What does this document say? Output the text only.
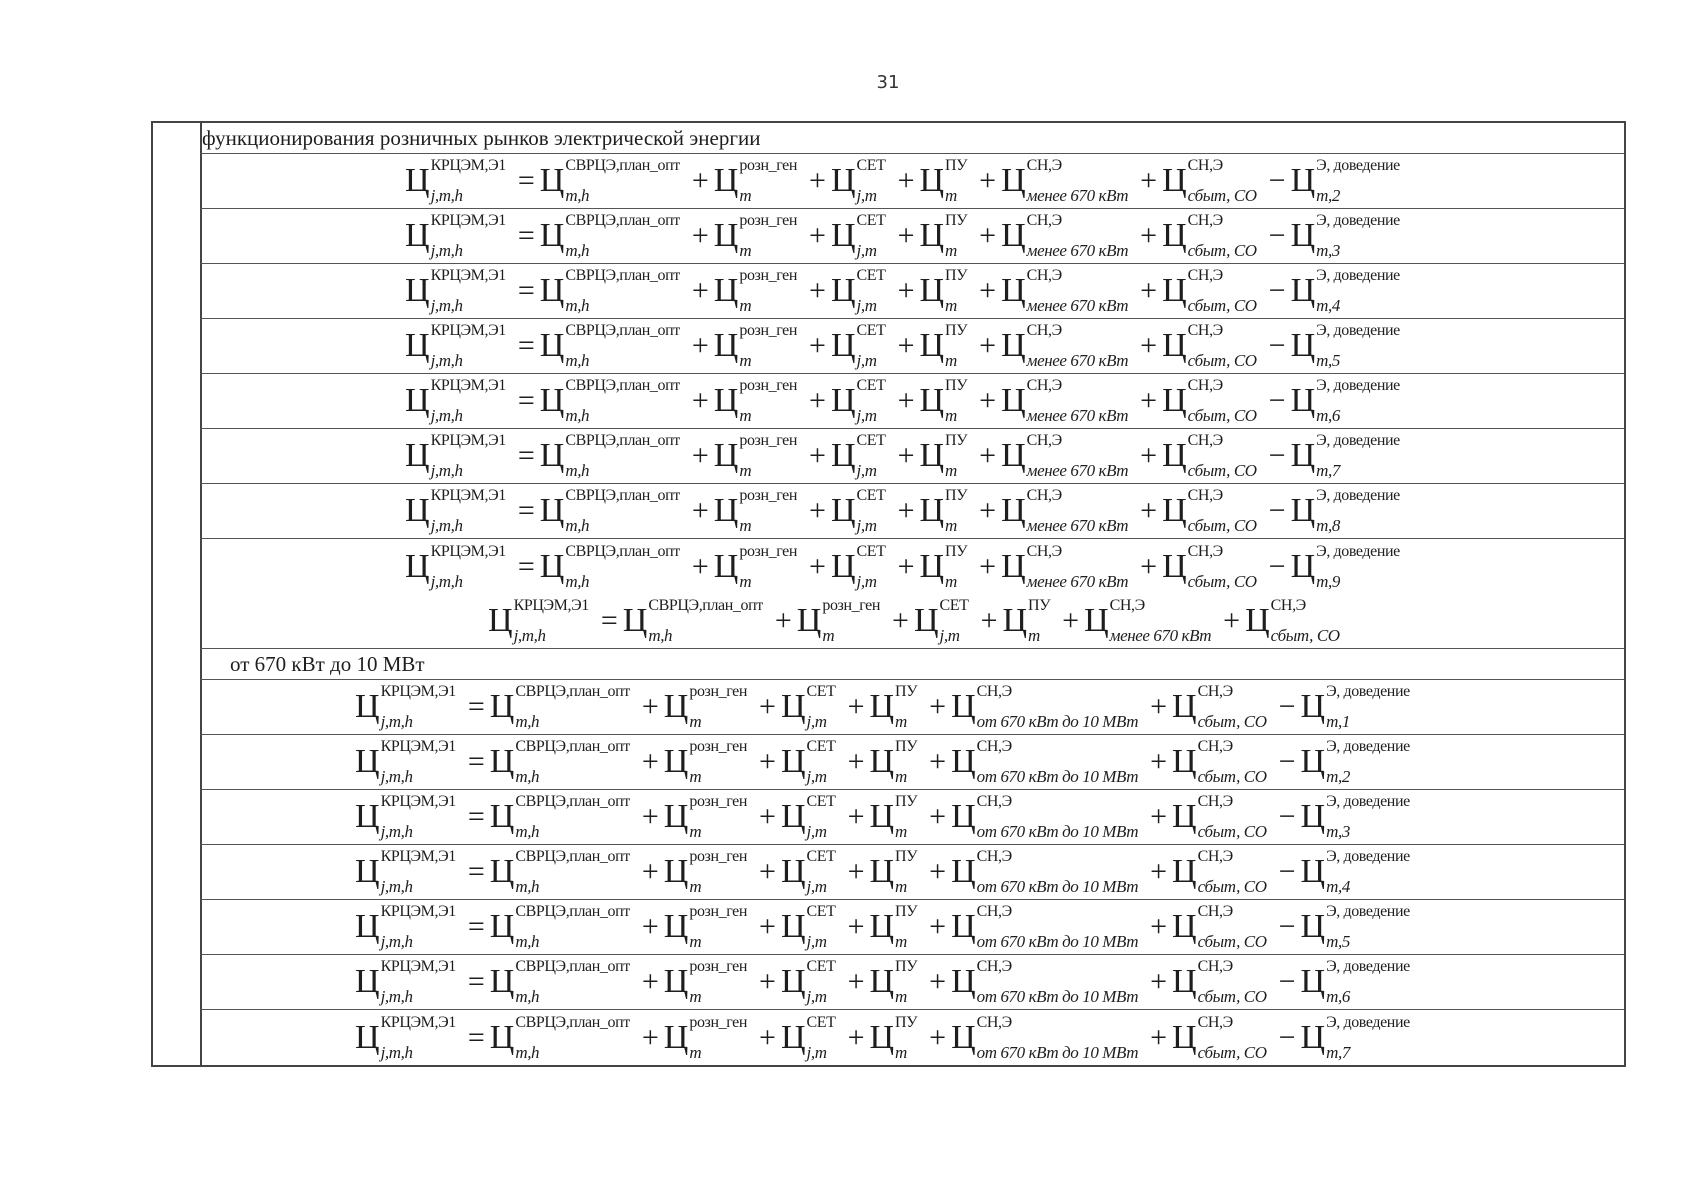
31
функционирования розничных рынков электрической энергии
Ц КРЦЭМ,Э1
j,m,h	= Ц СВРЦЭ,план_опт
m,h	+ Ц розн_ген
m	+ Ц СЕТ
j,m + Ц ПУ
m + Ц СН,Э
менее 670 кВт + Ц СН,Э
сбыт, СО − Ц Э, доведение
m,2
Ц КРЦЭМ,Э1
j,m,h	= Ц СВРЦЭ,план_опт
m,h	+ Ц розн_ген
m	+ Ц СЕТ
j,m + Ц ПУ
m + Ц СН,Э
менее 670 кВт + Ц СН,Э
сбыт, СО − Ц Э, доведение
m,3
Ц КРЦЭМ,Э1
j,m,h	= Ц СВРЦЭ,план_опт
m,h	+ Ц розн_ген
m	+ Ц СЕТ
j,m + Ц ПУ
m + Ц СН,Э
менее 670 кВт + Ц СН,Э
сбыт, СО − Ц Э, доведение
m,4
Ц КРЦЭМ,Э1
j,m,h	= Ц СВРЦЭ,план_опт
m,h	+ Ц розн_ген
m	+ Ц СЕТ
j,m + Ц ПУ
m + Ц СН,Э
менее 670 кВт + Ц СН,Э
сбыт, СО − Ц Э, доведение
m,5
Ц КРЦЭМ,Э1
j,m,h	= Ц СВРЦЭ,план_опт
m,h	+ Ц розн_ген
m	+ Ц СЕТ
j,m + Ц ПУ
m + Ц СН,Э
менее 670 кВт + Ц СН,Э
сбыт, СО − Ц Э, доведение
m,6
Ц КРЦЭМ,Э1
j,m,h	= Ц СВРЦЭ,план_опт
m,h	+ Ц розн_ген
m	+ Ц СЕТ
j,m + Ц ПУ
m + Ц СН,Э
менее 670 кВт + Ц СН,Э
сбыт, СО − Ц Э, доведение
m,7
Ц КРЦЭМ,Э1
j,m,h	= Ц СВРЦЭ,план_опт
m,h	+ Ц розн_ген
m	+ Ц СЕТ
j,m + Ц ПУ
m + Ц СН,Э
менее 670 кВт + Ц СН,Э
сбыт, СО − Ц Э, доведение
m,8
Ц КРЦЭМ,Э1
j,m,h	= Ц СВРЦЭ,план_опт
m,h	+ Ц розн_ген
m	+ Ц СЕТ
j,m + Ц ПУ
m + Ц СН,Э
менее 670 кВт + Ц СН,Э
сбыт, СО − Ц Э, доведение
m,9
Ц КРЦЭМ,Э1
j,m,h	= Ц СВРЦЭ,план_опт
m,h	+ Ц розн_ген
m	+ Ц СЕТ
j,m + Ц ПУ
m + Ц СН,Э
менее 670 кВт + Ц СН,Э
сбыт, СО
от 670 кВт до 10 МВт
Ц КРЦЭМ,Э1
j,m,h	= Ц СВРЦЭ,план_опт
m,h	+ Ц розн_ген
m	+ Ц СЕТ
j,m + Ц ПУ
m + Ц СН,Э
от 670 кВт до 10 МВт + Ц СН,Э
сбыт, СО − Ц Э, доведение
m,1
Ц КРЦЭМ,Э1
j,m,h	= Ц СВРЦЭ,план_опт
m,h	+ Ц розн_ген
m	+ Ц СЕТ
j,m + Ц ПУ
m + Ц СН,Э
от 670 кВт до 10 МВт + Ц СН,Э
сбыт, СО − Ц Э, доведение
m,2
Ц КРЦЭМ,Э1
j,m,h	= Ц СВРЦЭ,план_опт
m,h	+ Ц розн_ген
m	+ Ц СЕТ
j,m + Ц ПУ
m + Ц СН,Э
от 670 кВт до 10 МВт + Ц СН,Э
сбыт, СО − Ц Э, доведение
m,3
Ц КРЦЭМ,Э1
j,m,h	= Ц СВРЦЭ,план_опт
m,h	+ Ц розн_ген
m	+ Ц СЕТ
j,m + Ц ПУ
m + Ц СН,Э
от 670 кВт до 10 МВт + Ц СН,Э
сбыт, СО − Ц Э, доведение
m,4
Ц КРЦЭМ,Э1
j,m,h	= Ц СВРЦЭ,план_опт
m,h	+ Ц розн_ген
m	+ Ц СЕТ
j,m + Ц ПУ
m + Ц СН,Э
от 670 кВт до 10 МВт + Ц СН,Э
сбыт, СО − Ц Э, доведение
m,5
Ц КРЦЭМ,Э1
j,m,h	= Ц СВРЦЭ,план_опт
m,h	+ Ц розн_ген
m	+ Ц СЕТ
j,m + Ц ПУ
m + Ц СН,Э
от 670 кВт до 10 МВт + Ц СН,Э
сбыт, СО − Ц Э, доведение
m,6
Ц КРЦЭМ,Э1
j,m,h	= Ц СВРЦЭ,план_опт
m,h	+ Ц розн_ген
m	+ Ц СЕТ
j,m + Ц ПУ
m + Ц СН,Э
от 670 кВт до 10 МВт + Ц СН,Э
сбыт, СО − Ц Э, доведение
m,7
